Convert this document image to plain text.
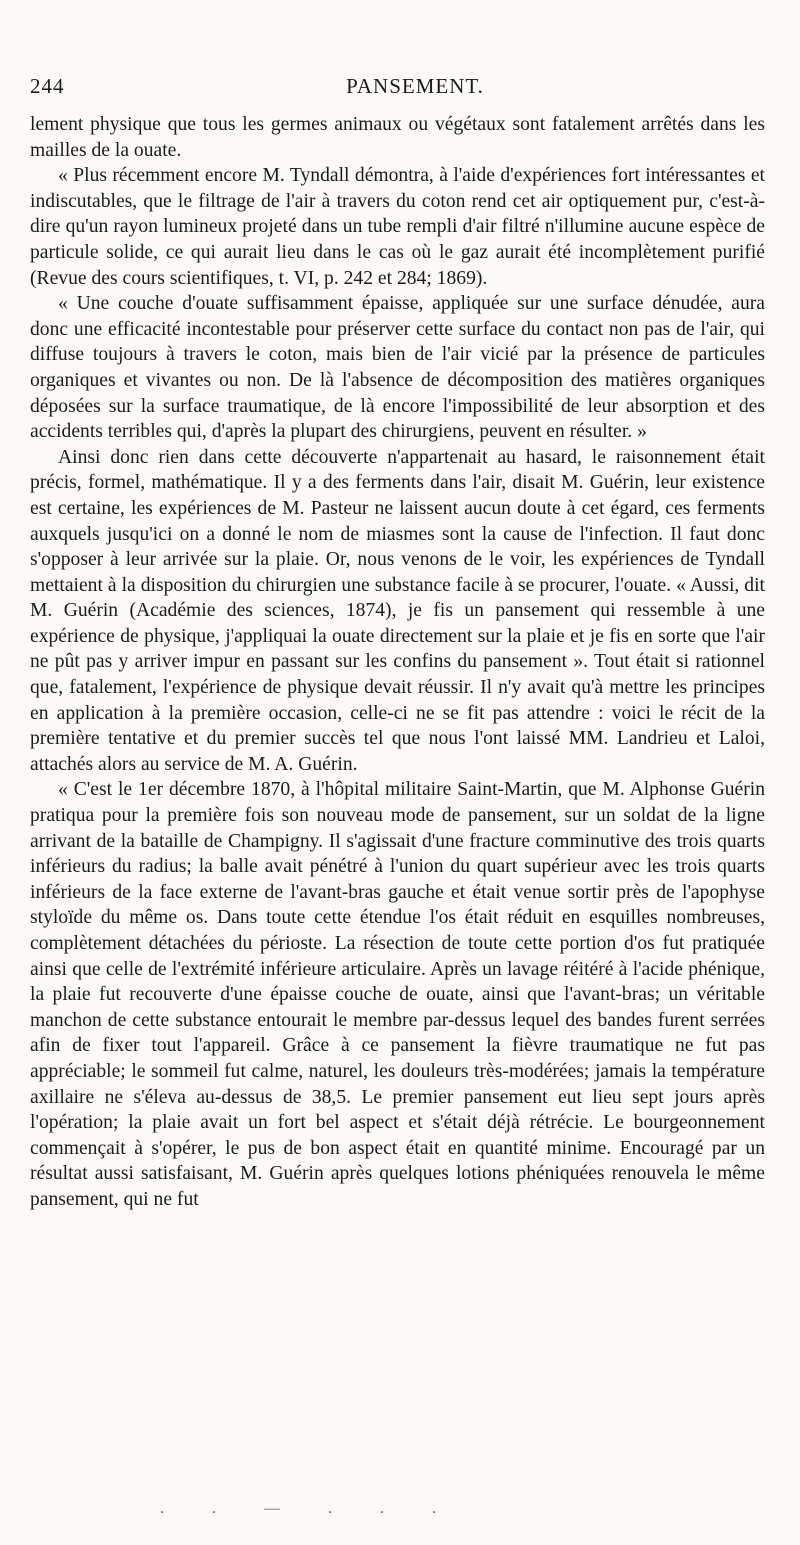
244	PANSEMENT.

lement physique que tous les germes animaux ou végétaux sont fatalement arrêtés dans les mailles de la ouate.

« Plus récemment encore M. Tyndall démontra, à l'aide d'expériences fort intéressantes et indiscutables, que le filtrage de l'air à travers du coton rend cet air optiquement pur, c'est-à-dire qu'un rayon lumineux projeté dans un tube rempli d'air filtré n'illumine aucune espèce de particule solide, ce qui aurait lieu dans le cas où le gaz aurait été incomplètement purifié (Revue des cours scientifiques, t. VI, p. 242 et 284; 1869).

« Une couche d'ouate suffisamment épaisse, appliquée sur une surface dénudée, aura donc une efficacité incontestable pour préserver cette surface du contact non pas de l'air, qui diffuse toujours à travers le coton, mais bien de l'air vicié par la présence de particules organiques et vivantes ou non. De là l'absence de décomposition des matières organiques déposées sur la surface traumatique, de là encore l'impossibilité de leur absorption et des accidents terribles qui, d'après la plupart des chirurgiens, peuvent en résulter. »

Ainsi donc rien dans cette découverte n'appartenait au hasard, le raisonnement était précis, formel, mathématique. Il y a des ferments dans l'air, disait M. Guérin, leur existence est certaine, les expériences de M. Pasteur ne laissent aucun doute à cet égard, ces ferments auxquels jusqu'ici on a donné le nom de miasmes sont la cause de l'infection. Il faut donc s'opposer à leur arrivée sur la plaie. Or, nous venons de le voir, les expériences de Tyndall mettaient à la disposition du chirurgien une substance facile à se procurer, l'ouate. « Aussi, dit M. Guérin (Académie des sciences, 1874), je fis un pansement qui ressemble à une expérience de physique, j'appliquai la ouate directement sur la plaie et je fis en sorte que l'air ne pût pas y arriver impur en passant sur les confins du pansement ». Tout était si rationnel que, fatalement, l'expérience de physique devait réussir. Il n'y avait qu'à mettre les principes en application à la première occasion, celle-ci ne se fit pas attendre : voici le récit de la première tentative et du premier succès tel que nous l'ont laissé MM. Landrieu et Laloi, attachés alors au service de M. A. Guérin.

« C'est le 1er décembre 1870, à l'hôpital militaire Saint-Martin, que M. Alphonse Guérin pratiqua pour la première fois son nouveau mode de pansement, sur un soldat de la ligne arrivant de la bataille de Champigny. Il s'agissait d'une fracture comminutive des trois quarts inférieurs du radius; la balle avait pénétré à l'union du quart supérieur avec les trois quarts inférieurs de la face externe de l'avant-bras gauche et était venue sortir près de l'apophyse styloïde du même os. Dans toute cette étendue l'os était réduit en esquilles nombreuses, complètement détachées du périoste. La résection de toute cette portion d'os fut pratiquée ainsi que celle de l'extrémité inférieure articulaire. Après un lavage réitéré à l'acide phénique, la plaie fut recouverte d'une épaisse couche de ouate, ainsi que l'avant-bras; un véritable manchon de cette substance entourait le membre par-dessus lequel des bandes furent serrées afin de fixer tout l'appareil. Grâce à ce pansement la fièvre traumatique ne fut pas appréciable; le sommeil fut calme, naturel, les douleurs très-modérées; jamais la température axillaire ne s'éleva au-dessus de 38,5. Le premier pansement eut lieu sept jours après l'opération; la plaie avait un fort bel aspect et s'était déjà rétrécie. Le bourgeonnement commençait à s'opérer, le pus de bon aspect était en quantité minime. Encouragé par un résultat aussi satisfaisant, M. Guérin après quelques lotions phéniquées renouvela le même pansement, qui ne fut

. . — . . .
